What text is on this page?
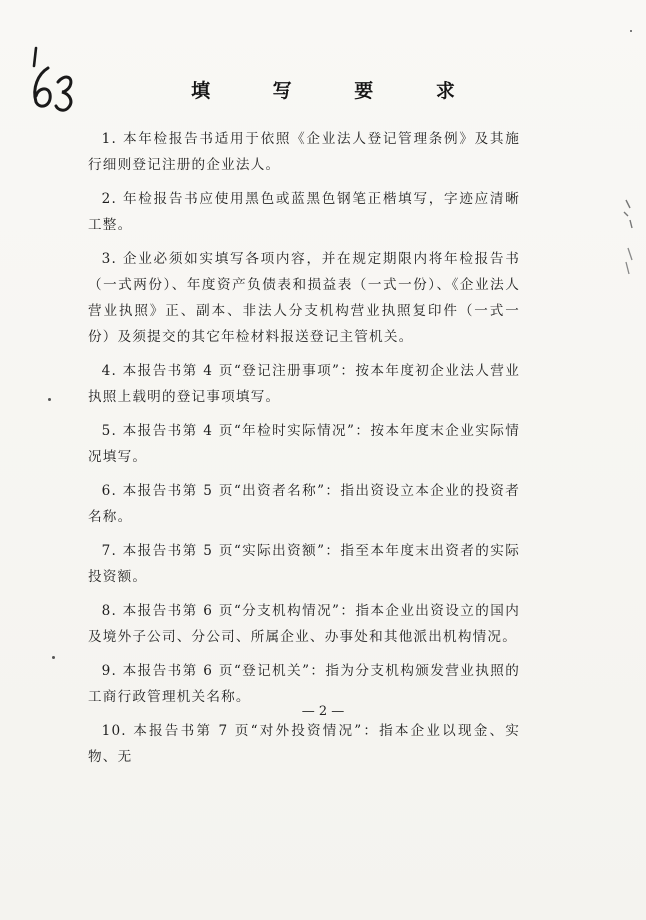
填 写 要 求

1. 本年检报告书适用于依照《企业法人登记管理条例》及其施行细则登记注册的企业法人。

2. 年检报告书应使用黑色或蓝黑色钢笔正楷填写，字迹应清晰工整。

3. 企业必须如实填写各项内容，并在规定期限内将年检报告书（一式两份）、年度资产负债表和损益表（一式一份）、《企业法人营业执照》正、副本、非法人分支机构营业执照复印件（一式一份）及须提交的其它年检材料报送登记主管机关。

4. 本报告书第 4 页“登记注册事项”：按本年度初企业法人营业执照上载明的登记事项填写。

5. 本报告书第 4 页“年检时实际情况”：按本年度末企业实际情况填写。

6. 本报告书第 5 页“出资者名称”：指出资设立本企业的投资者名称。

7. 本报告书第 5 页“实际出资额”：指至本年度末出资者的实际投资额。

8. 本报告书第 6 页“分支机构情况”：指本企业出资设立的国内及境外子公司、分公司、所属企业、办事处和其他派出机构情况。

9. 本报告书第 6 页“登记机关”：指为分支机构颁发营业执照的工商行政管理机关名称。

10. 本报告书第 7 页“对外投资情况”：指本企业以现金、实物、无

— 2 —
